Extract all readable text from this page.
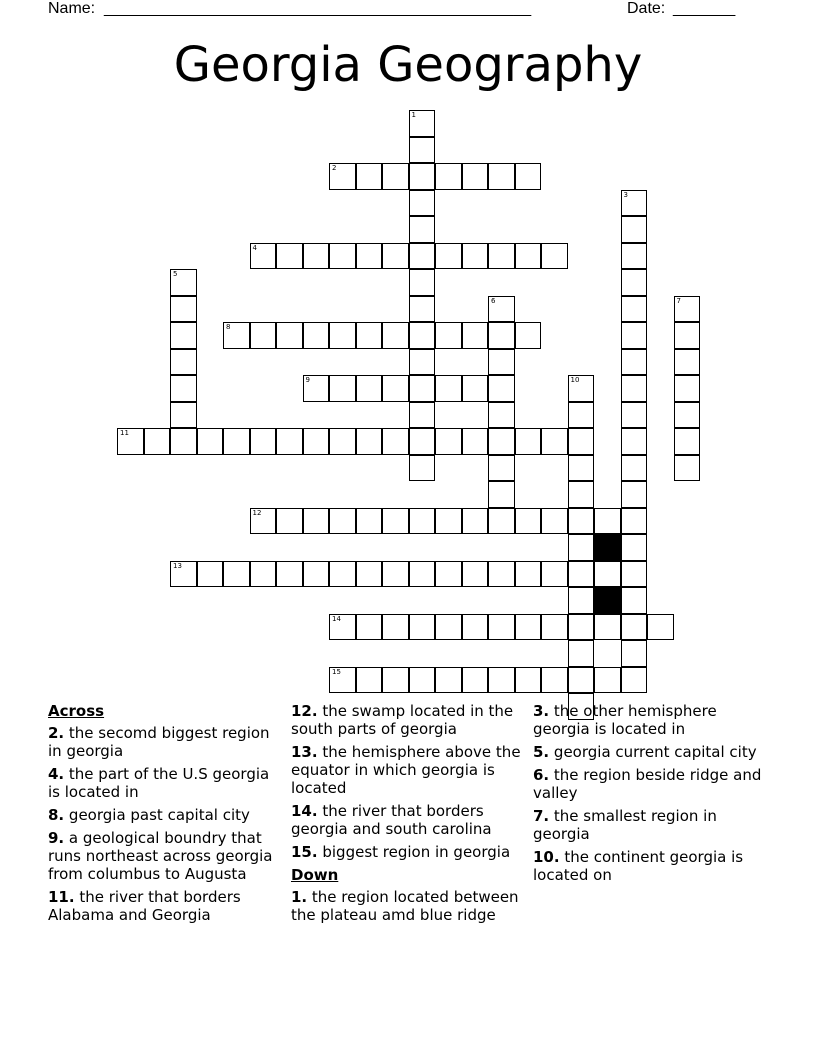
Name: ________________________________________________	Date: _______
Georgia Geography
2
4
8
9
11
12
13
14
15
1
3
5
6	7
10
Across
2. the secomd biggest region in georgia
4. the part of the U.S georgia is located in
8. georgia past capital city
9. a geological boundry that runs northeast across georgia from columbus to Augusta
11. the river that borders Alabama and Georgia
12. the swamp located in the south parts of georgia
13. the hemisphere above the equator in which georgia is located
14. the river that borders georgia and south carolina
15. biggest region in georgia
Down
1. the region located between the plateau amd blue ridge
3. the other hemisphere georgia is located in
5. georgia current capital city
6. the region beside ridge and valley
7. the smallest region in georgia
10. the continent georgia is located on
